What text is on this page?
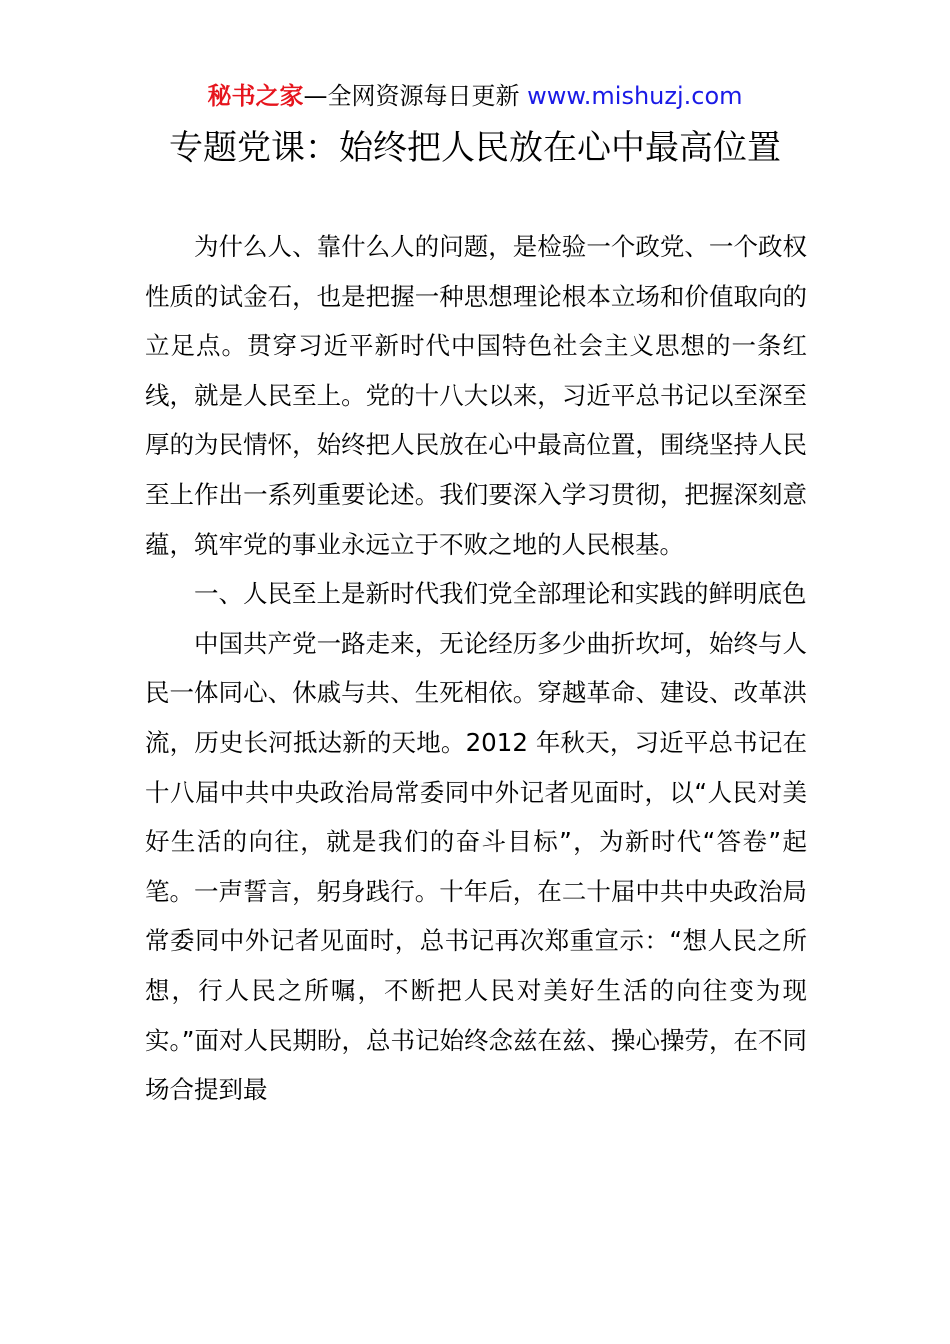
秘书之家—全网资源每日更新 www.mishuzj.com
专题党课：始终把人民放在心中最高位置

为什么人、靠什么人的问题，是检验一个政党、一个政权性质的试金石，也是把握一种思想理论根本立场和价值取向的立足点。贯穿习近平新时代中国特色社会主义思想的一条红线，就是人民至上。党的十八大以来，习近平总书记以至深至厚的为民情怀，始终把人民放在心中最高位置，围绕坚持人民至上作出一系列重要论述。我们要深入学习贯彻，把握深刻意蕴，筑牢党的事业永远立于不败之地的人民根基。

一、人民至上是新时代我们党全部理论和实践的鲜明底色

中国共产党一路走来，无论经历多少曲折坎坷，始终与人民一体同心、休戚与共、生死相依。穿越革命、建设、改革洪流，历史长河抵达新的天地。2012 年秋天，习近平总书记在十八届中共中央政治局常委同中外记者见面时，以“人民对美好生活的向往，就是我们的奋斗目标”，为新时代“答卷”起笔。一声誓言，躬身践行。十年后，在二十届中共中央政治局常委同中外记者见面时，总书记再次郑重宣示：“想人民之所想，行人民之所嘱，不断把人民对美好生活的向往变为现实。”面对人民期盼，总书记始终念兹在兹、操心操劳，在不同场合提到最
